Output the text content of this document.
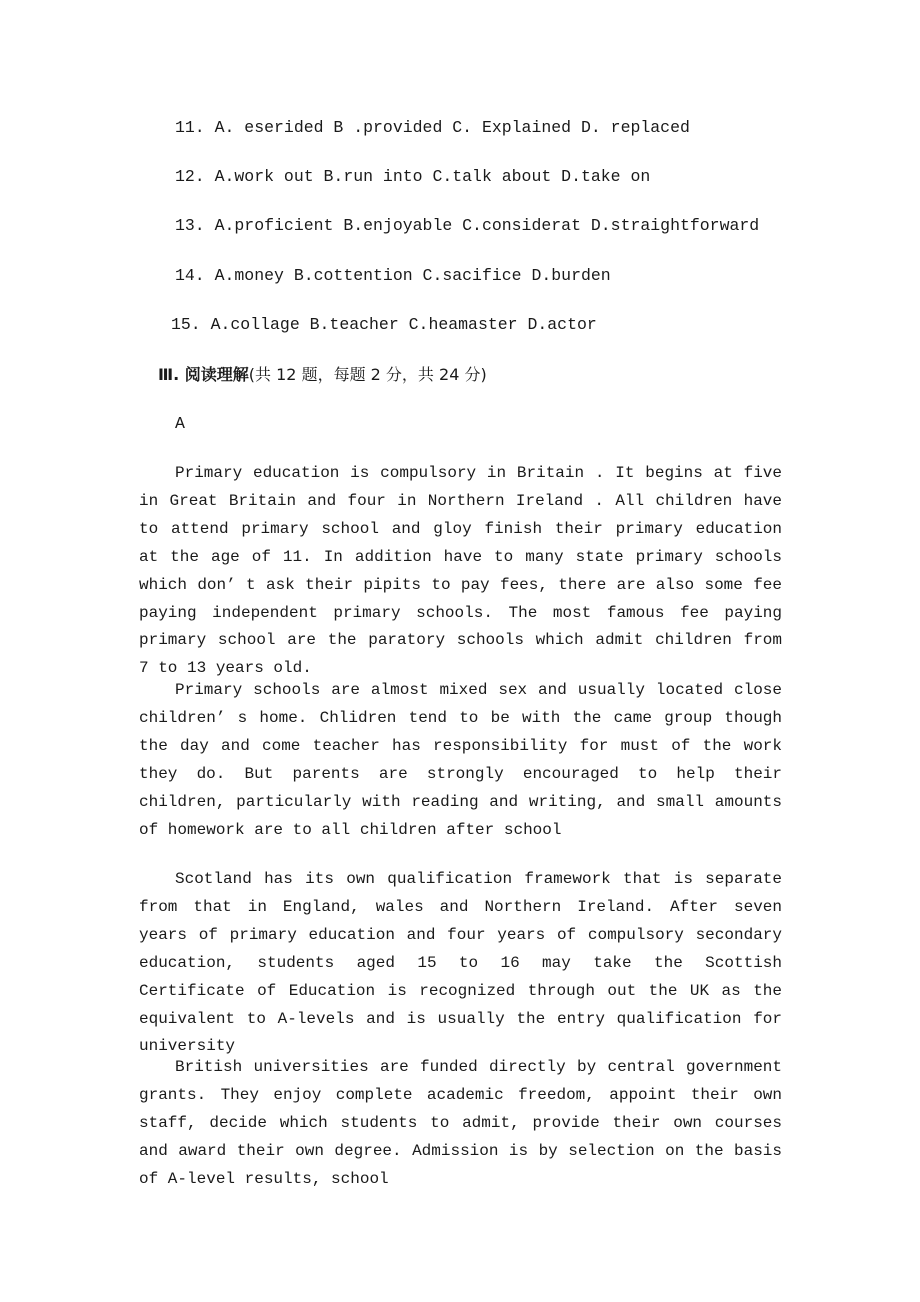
11. A. eserided B .provided C. Explained D. replaced
12. A.work out B.run into C.talk about D.take on
13. A.proficient B.enjoyable C.considerat D.straightforward
14. A.money B.cottention C.sacifice D.burden
15. A.collage B.teacher C.heamaster D.actor
Ⅲ. 阅读理解(共 12 题，每题 2 分，共 24 分)
A

Primary education is compulsory in Britain . It begins at five in Great Britain and four in Northern Ireland . All children have to attend primary school and gloy finish their primary education at the age of 11. In addition have to many state primary schools which don’ t ask their pipits to pay fees, there are also some fee paying independent primary schools. The most famous fee paying primary school are the paratory schools which admit children from 7 to 13 years old.

Primary schools are almost mixed sex and usually located close children’ s home. Chlidren tend to be with the came group though the day and come teacher has responsibility for must of the work they do. But parents are strongly encouraged to help their children, particularly with reading and writing, and small amounts of homework are to all children after school

Scotland has its own qualification framework that is separate from that in England, wales and Northern Ireland. After seven years of primary education and four years of compulsory secondary education, students aged 15 to 16 may take the Scottish Certificate of Education is recognized through out the UK as the equivalent to A-levels and is usually the entry qualification for university

British universities are funded directly by central government grants. They enjoy complete academic freedom, appoint their own staff, decide which students to admit, provide their own courses and award their own degree. Admission is by selection on the basis of A-level results, school
